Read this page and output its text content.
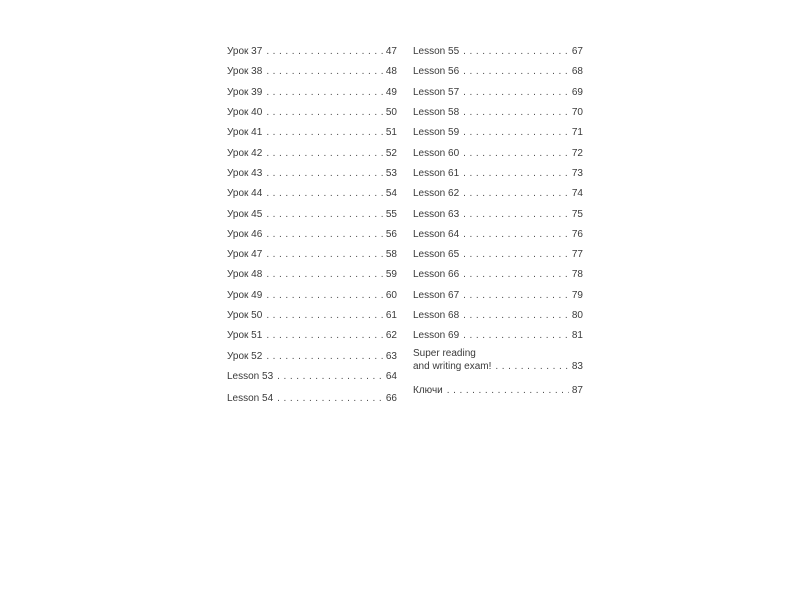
Урок 37 . . .	47
Урок 38 . . .	48
Урок 39 . . .	49
Урок 40 . . .	50
Урок 41 . . .	51
Урок 42 . . .	52
Урок 43 . . .	53
Урок 44 . . .	54
Урок 45 . . .	55
Урок 46 . . .	56
Урок 47 . . .	58
Урок 48 . . .	59
Урок 49 . . .	60
Урок 50 . . .	61
Урок 51 . . .	62
Урок 52 . . .	63
Lesson 53 . . .	64
Lesson 54 . . .	66
Lesson 55 . . .	67
Lesson 56 . . .	68
Lesson 57 . . .	69
Lesson 58 . . .	70
Lesson 59 . . .	71
Lesson 60 . . .	72
Lesson 61 . . .	73
Lesson 62 . . .	74
Lesson 63 . . .	75
Lesson 64 . . .	76
Lesson 65 . . .	77
Lesson 66 . . .	78
Lesson 67 . . .	79
Lesson 68 . . .	80
Lesson 69 . . .	81
Super reading
and writing exam! . . .	83
Ключи . . .	87
